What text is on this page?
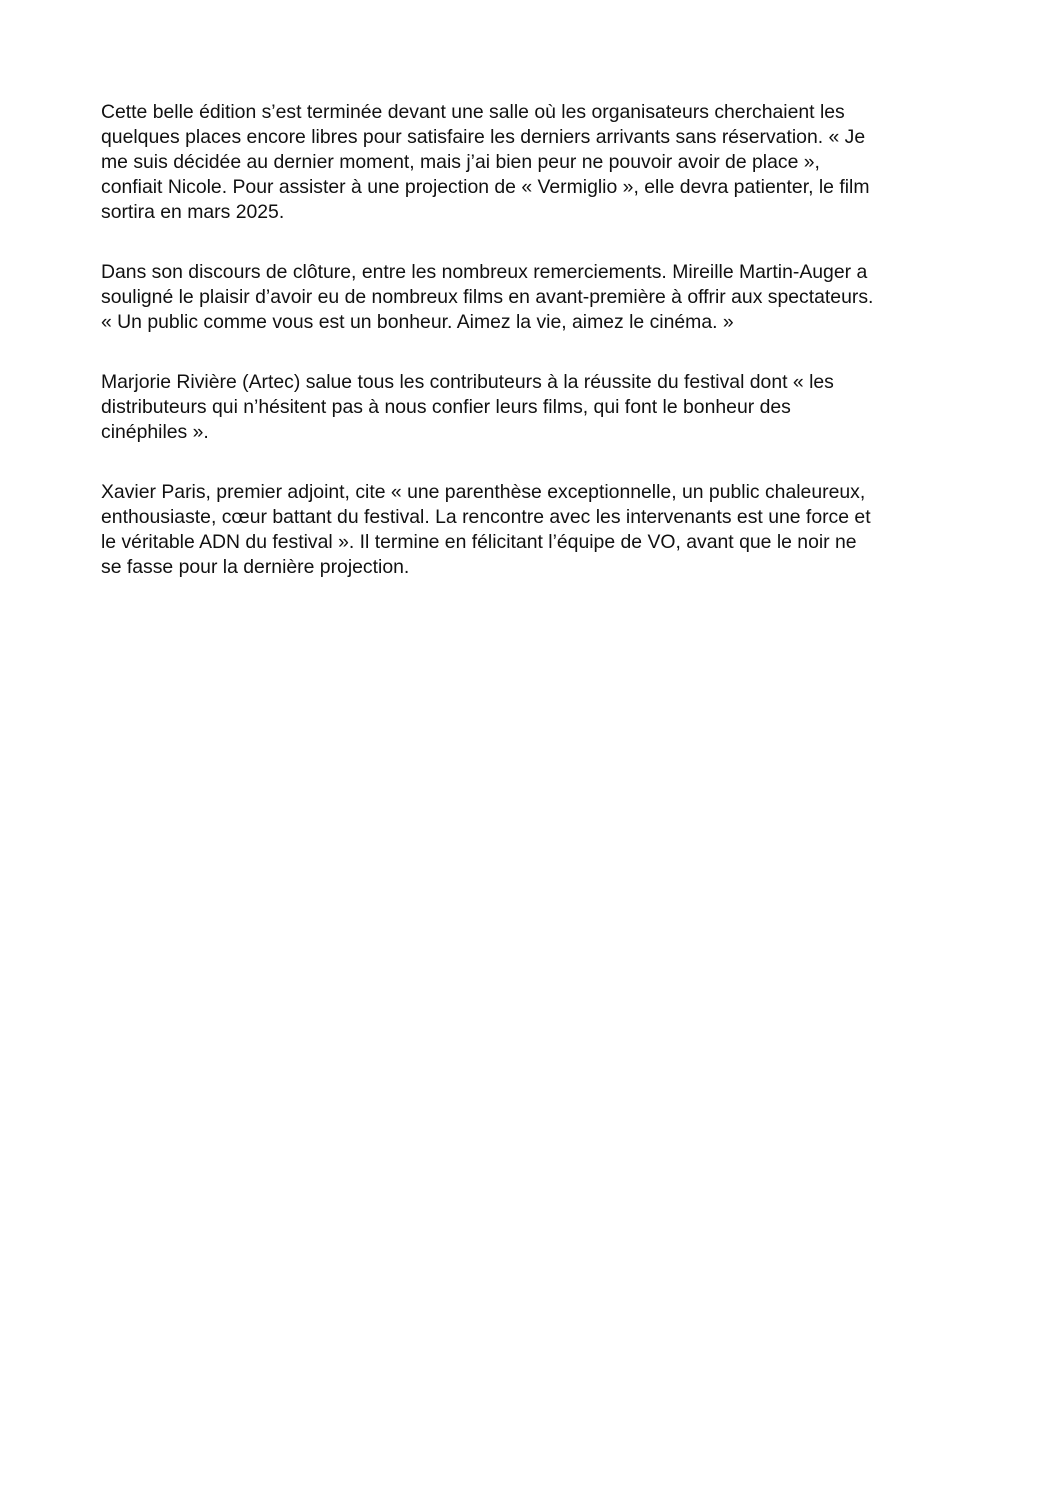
Cette belle édition s’est terminée devant une salle où les organisateurs cherchaient les
quelques places encore libres pour satisfaire les derniers arrivants sans réservation. « Je
me suis décidée au dernier moment, mais j’ai bien peur ne pouvoir avoir de place »,
confiait Nicole. Pour assister à une projection de « Vermiglio », elle devra patienter, le film
sortira en mars 2025.

Dans son discours de clôture, entre les nombreux remerciements. Mireille Martin-Auger a
souligné le plaisir d’avoir eu de nombreux films en avant-première à offrir aux spectateurs.
« Un public comme vous est un bonheur. Aimez la vie, aimez le cinéma. »

Marjorie Rivière (Artec) salue tous les contributeurs à la réussite du festival dont « les
distributeurs qui n’hésitent pas à nous confier leurs films, qui font le bonheur des
cinéphiles ».

Xavier Paris, premier adjoint, cite « une parenthèse exceptionnelle, un public chaleureux,
enthousiaste, cœur battant du festival. La rencontre avec les intervenants est une force et
le véritable ADN du festival ». Il termine en félicitant l’équipe de VO, avant que le noir ne
se fasse pour la dernière projection.
